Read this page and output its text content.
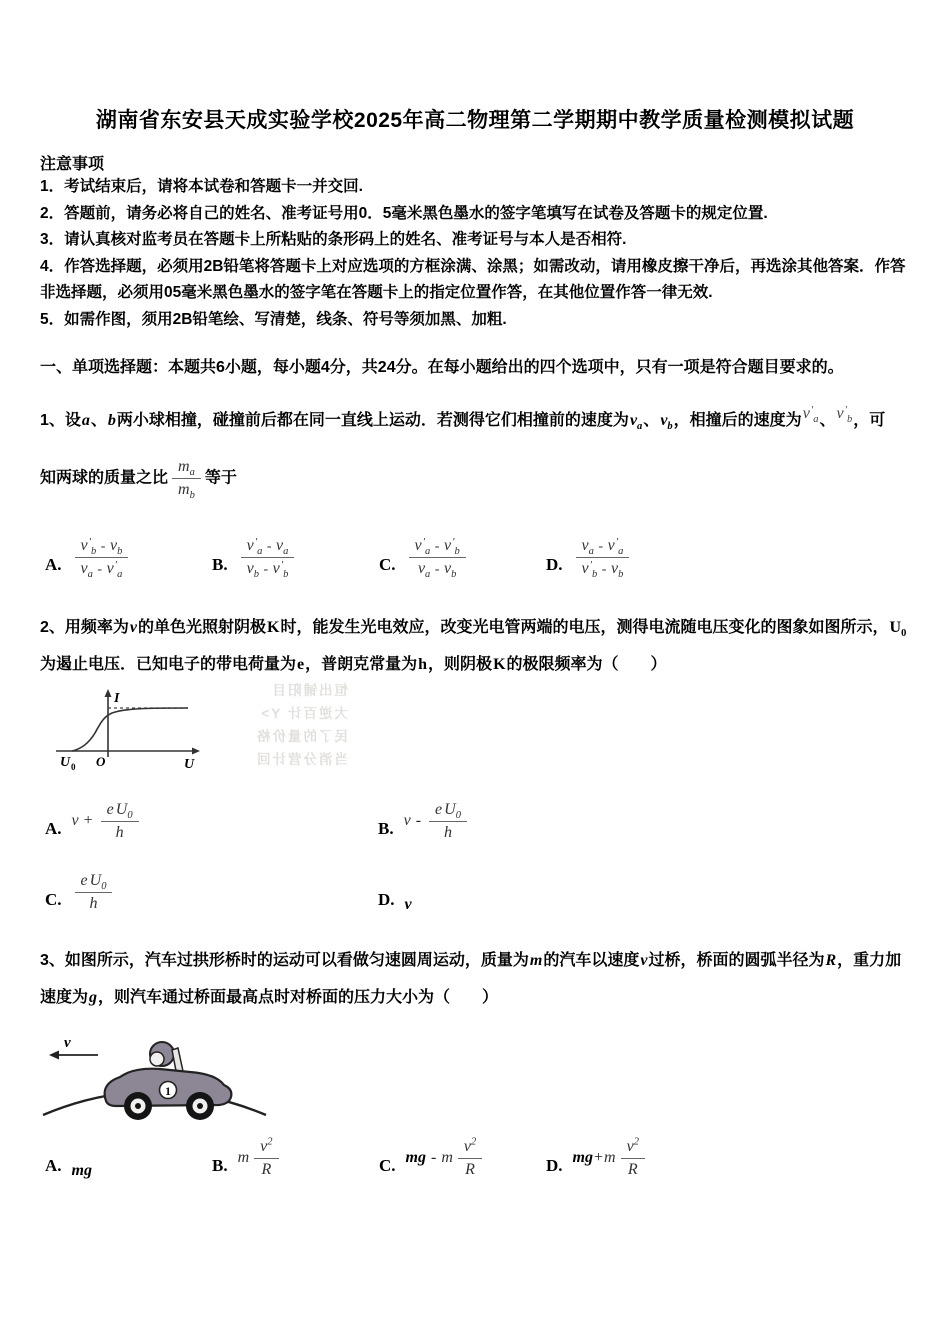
湖南省东安县天成实验学校2025年高二物理第二学期期中教学质量检测模拟试题
注意事项
1．考试结束后，请将本试卷和答题卡一并交回.
2．答题前，请务必将自己的姓名、准考证号用0．5毫米黑色墨水的签字笔填写在试卷及答题卡的规定位置.
3．请认真核对监考员在答题卡上所粘贴的条形码上的姓名、准考证号与本人是否相符.
4．作答选择题，必须用2B铅笔将答题卡上对应选项的方框涂满、涂黑；如需改动，请用橡皮擦干净后，再选涂其他答案．作答非选择题，必须用05毫米黑色墨水的签字笔在答题卡上的指定位置作答，在其他位置作答一律无效.
5．如需作图，须用2B铅笔绘、写清楚，线条、符号等须加黑、加粗.
一、单项选择题：本题共6小题，每小题4分，共24分。在每小题给出的四个选项中，只有一项是符合题目要求的。
1、设a、b两小球相撞，碰撞前后都在同一直线上运动．若测得它们相撞前的速度为$v_a$、$v_b$，相撞后的速度为$v'_a$、$v'_b$，可
知两球的质量之比 $\frac{m_a}{m_b}$ 等于
A. $\frac{v'_b - v_b}{v_a - v'_a}$	B. $\frac{v'_a - v_a}{v_b - v'_b}$	C. $\frac{v'_a - v'_b}{v_a - v_b}$	D. $\frac{v_a - v'_a}{v'_b - v_b}$
2、用频率为v的单色光照射阴极K时，能发生光电效应，改变光电管两端的电压，测得电流随电压变化的图象如图所示，$U_0$为遏止电压．已知电子的带电荷量为e，普朗克常量为h，则阴极K的极限频率为（　　）
恒出铺阳目
大逆百计 Y>
民了的量价格
当消分营计回
I
U
O
U 0
A. $v + \frac{e U_0}{h}$	B. v - $\frac{e U_0}{h}$
C. $\frac{e U_0}{h}$	D. v
3、如图所示，汽车过拱形桥时的运动可以看做匀速圆周运动，质量为m的汽车以速度v过桥，桥面的圆弧半径为R，重力加速度为g，则汽车通过桥面最高点时对桥面的压力大小为（　　）
v
1
A. mg	B. m $\frac{v^2}{R}$	C. mg - m $\frac{v^2}{R}$	D. $mg+m \frac{v^2}{R}$
